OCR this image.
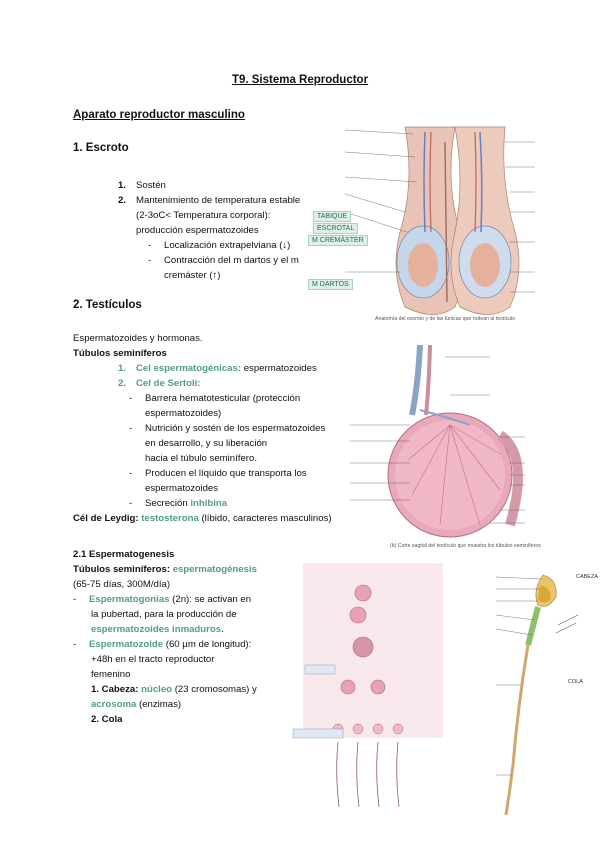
T9. Sistema Reproductor
Aparato reproductor masculino
1. Escroto
1. Sostén
2. Mantenimiento de temperatura estable
(2-3oC< Temperatura corporal):
producción espermatozoides
- Localización extrapelviana (↓)
- Contracción del m dartos y el m
cremáster (↑)
2. Testículos
Espermatozoides y hormonas.
Túbulos seminíferos
1. Cel espermatogénicas: espermatozoides
2. Cel de Sertoli:
- Barrera hematotesticular (protección
espermatozoides)
- Nutrición y sostén de los espermatozoides
en desarrollo, y su liberación
hacia el túbulo seminífero.
- Producen el líquido que transporta los
espermatozoides
- Secreción inhibina
Cél de Leydig: testosterona (líbido, caracteres masculinos)
2.1 Espermatogenesis
Túbulos seminíferos: espermatogénesis
(65-75 días, 300M/día)
- Espermatogonias (2n): se activan en
la pubertad, para la producción de
espermatozoides inmaduros.
- Espermatozoide (60 μm de longitud):
+48h en el tracto reproductor
femenino
1. Cabeza: núcleo (23 cromosomas) y
acrosoma (enzimas)
2. Cola
TABIQUE
ESCROTAL
M CREMÁSTER
M DARTOS
Anatomía del escroto y de las túnicas que rodean al testículo
(b) Corte sagital del testículo que muestra los túbulos seminíferos
CABEZA
COLA
